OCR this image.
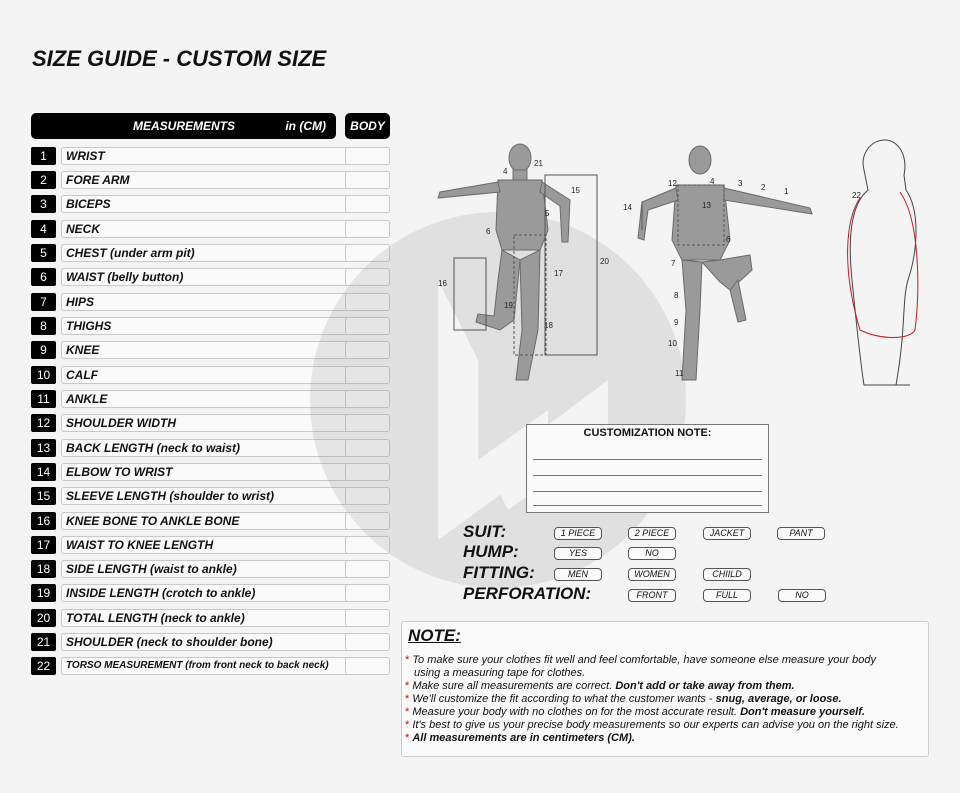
SIZE GUIDE - CUSTOM SIZE
MEASUREMENTS	in (CM)	BODY
1	WRIST
2	FORE ARM
3	BICEPS
4	NECK
5	CHEST (under arm pit)
6	WAIST (belly button)
7	HIPS
8	THIGHS
9	KNEE
10	CALF
11	ANKLE
12	SHOULDER WIDTH
13	BACK LENGTH (neck to waist)
14	ELBOW TO WRIST
15	SLEEVE LENGTH (shoulder to wrist)
16	KNEE BONE TO ANKLE BONE
17	WAIST TO KNEE LENGTH
18	SIDE LENGTH (waist to ankle)
19	INSIDE LENGTH (crotch to ankle)
20	TOTAL LENGTH (neck to ankle)
21	SHOULDER (neck to shoulder bone)
22	TORSO MEASUREMENT (from front neck to back neck)
4
21
15
5
6
20
17
16
19
18
12	4	3 2 1
14	13
6
7
8
9
10
11
22
CUSTOMIZATION NOTE:
SUIT:	1 PIECE	2 PIECE	JACKET	PANT
HUMP:	YES	NO
FITTING:	MEN	WOMEN	CHIILD
PERFORATION:	FRONT	FULL	NO
NOTE:
* To make sure your clothes fit well and feel comfortable, have someone else measure your body
using a measuring tape for clothes.
* Make sure all measurements are correct. Don't add or take away from them.
* We'll customize the fit according to what the customer wants - snug, average, or loose.
* Measure your body with no clothes on for the most accurate result. Don't measure yourself.
* It's best to give us your precise body measurements so our experts can advise you on the right size.
* All measurements are in centimeters (CM).
